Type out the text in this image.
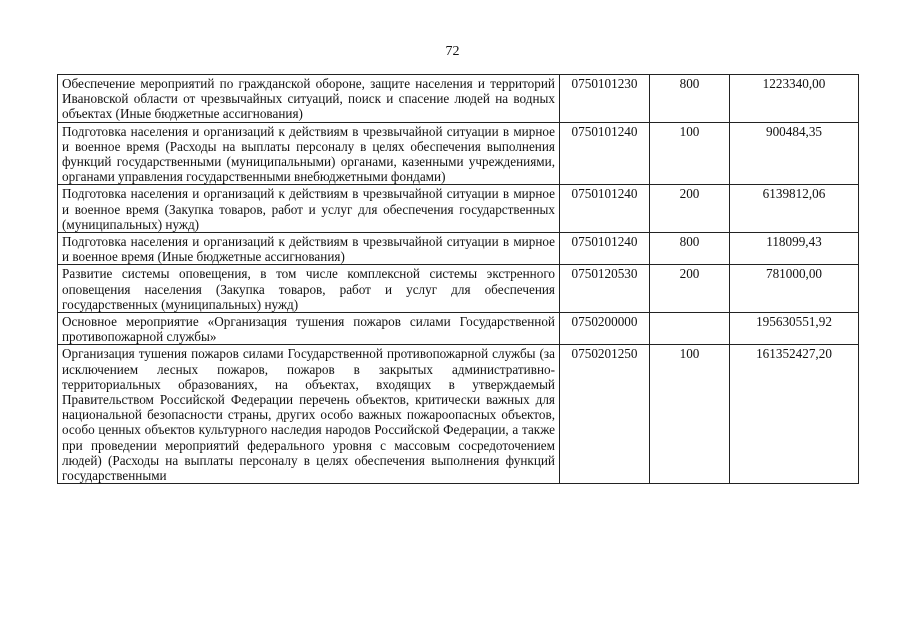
72
Обеспечение мероприятий по гражданской обороне, защите населения и территорий Ивановской области от чрезвычайных ситуаций, поиск и спасение людей на водных объектах (Иные бюджетные ассигнования)	0750101230	800	1223340,00
Подготовка населения и организаций к действиям в чрезвычайной ситуации в мирное и военное время (Расходы на выплаты персоналу в целях обеспечения выполнения функций государственными (муниципальными) органами, казенными учреждениями, органами управления государственными внебюджетными фондами)	0750101240	100	900484,35
Подготовка населения и организаций к действиям в чрезвычайной ситуации в мирное и военное время (Закупка товаров, работ и услуг для обеспечения государственных (муниципальных) нужд)	0750101240	200	6139812,06
Подготовка населения и организаций к действиям в чрезвычайной ситуации в мирное и военное время (Иные бюджетные ассигнования)	0750101240	800	118099,43
Развитие системы оповещения, в том числе комплексной системы экстренного оповещения населения (Закупка товаров, работ и услуг для обеспечения государственных (муниципальных) нужд)	0750120530	200	781000,00
Основное мероприятие «Организация тушения пожаров силами Государственной противопожарной службы»	0750200000		195630551,92
Организация тушения пожаров силами Государственной противопожарной службы (за исключением лесных пожаров, пожаров в закрытых административно-территориальных образованиях, на объектах, входящих в утверждаемый Правительством Российской Федерации перечень объектов, критически важных для национальной безопасности страны, других особо важных пожароопасных объектов, особо ценных объектов культурного наследия народов Российской Федерации, а также при проведении мероприятий федерального уровня с массовым сосредоточением людей) (Расходы на выплаты персоналу в целях обеспечения выполнения функций государственными	0750201250	100	161352427,20
